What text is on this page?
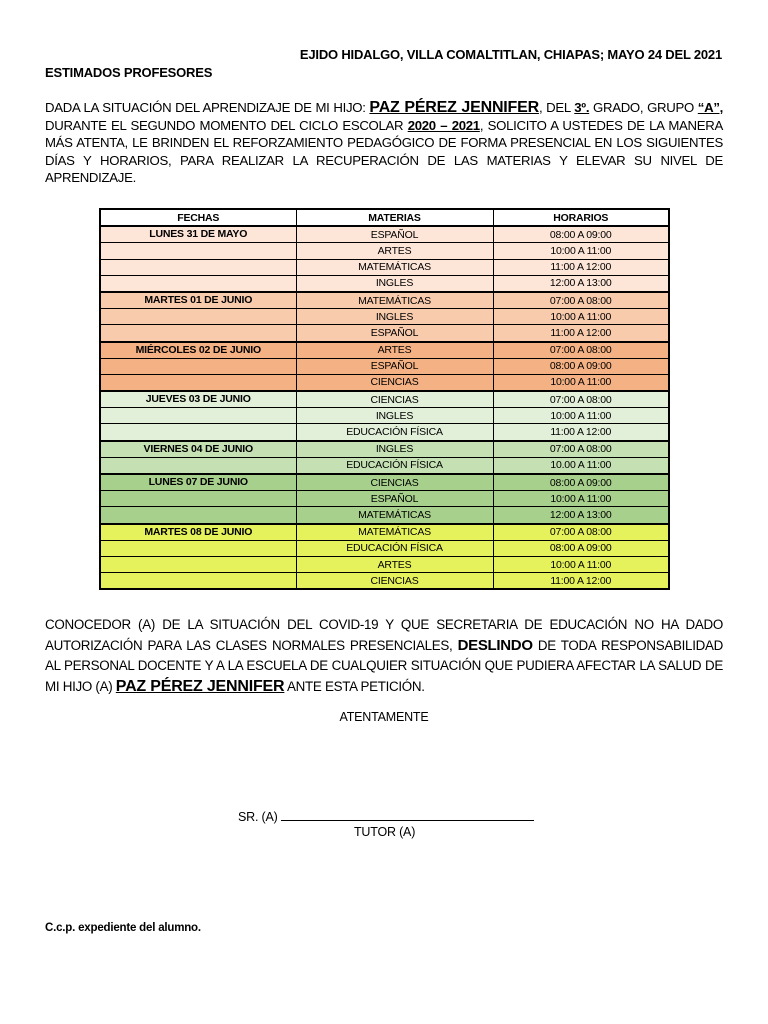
EJIDO HIDALGO, VILLA COMALTITLAN, CHIAPAS; MAYO 24 DEL 2021
ESTIMADOS PROFESORES
DADA LA SITUACIÓN DEL APRENDIZAJE DE MI HIJO: PAZ PÉREZ JENNIFER, DEL 3º. GRADO, GRUPO “A”, DURANTE EL SEGUNDO MOMENTO DEL CICLO ESCOLAR 2020 – 2021, SOLICITO A USTEDES DE LA MANERA MÁS ATENTA, LE BRINDEN EL REFORZAMIENTO PEDAGÓGICO DE FORMA PRESENCIAL EN LOS SIGUIENTES DÍAS Y HORARIOS, PARA REALIZAR LA RECUPERACIÓN DE LAS MATERIAS Y ELEVAR SU NIVEL DE APRENDIZAJE.
FECHAS	MATERIAS	HORARIOS
LUNES 31 DE MAYO	ESPAÑOL	08:00 A 09:00
	ARTES	10:00 A 11:00
	MATEMÁTICAS	11:00 A 12:00
	INGLES	12:00 A 13:00
MARTES 01 DE JUNIO	MATEMÁTICAS	07:00 A 08:00
	INGLES	10:00 A 11:00
	ESPAÑOL	11:00 A 12:00
MIÉRCOLES 02 DE JUNIO	ARTES	07:00 A 08:00
	ESPAÑOL	08:00 A 09:00
	CIENCIAS	10:00 A 11:00
JUEVES 03 DE JUNIO	CIENCIAS	07:00 A 08:00
	INGLES	10:00 A 11:00
	EDUCACIÓN FÍSICA	11:00 A 12:00
VIERNES 04 DE JUNIO	INGLES	07:00 A 08:00
	EDUCACIÓN FÍSICA	10.00 A 11:00
LUNES 07 DE JUNIO	CIENCIAS	08:00 A 09:00
	ESPAÑOL	10:00 A 11:00
	MATEMÁTICAS	12:00 A 13:00
MARTES 08 DE JUNIO	MATEMÁTICAS	07:00 A 08:00
	EDUCACIÓN FÍSICA	08:00 A 09:00
	ARTES	10:00 A 11:00
	CIENCIAS	11:00 A 12:00
CONOCEDOR (A) DE LA SITUACIÓN DEL COVID-19 Y QUE SECRETARIA DE EDUCACIÓN NO HA DADO AUTORIZACIÓN PARA LAS CLASES NORMALES PRESENCIALES, DESLINDO DE TODA RESPONSABILIDAD AL PERSONAL DOCENTE Y A LA ESCUELA DE CUALQUIER SITUACIÓN QUE PUDIERA AFECTAR LA SALUD DE MI HIJO (A) PAZ PÉREZ JENNIFER ANTE ESTA PETICIÓN.
ATENTAMENTE
SR. (A)
TUTOR (A)
C.c.p. expediente del alumno.
